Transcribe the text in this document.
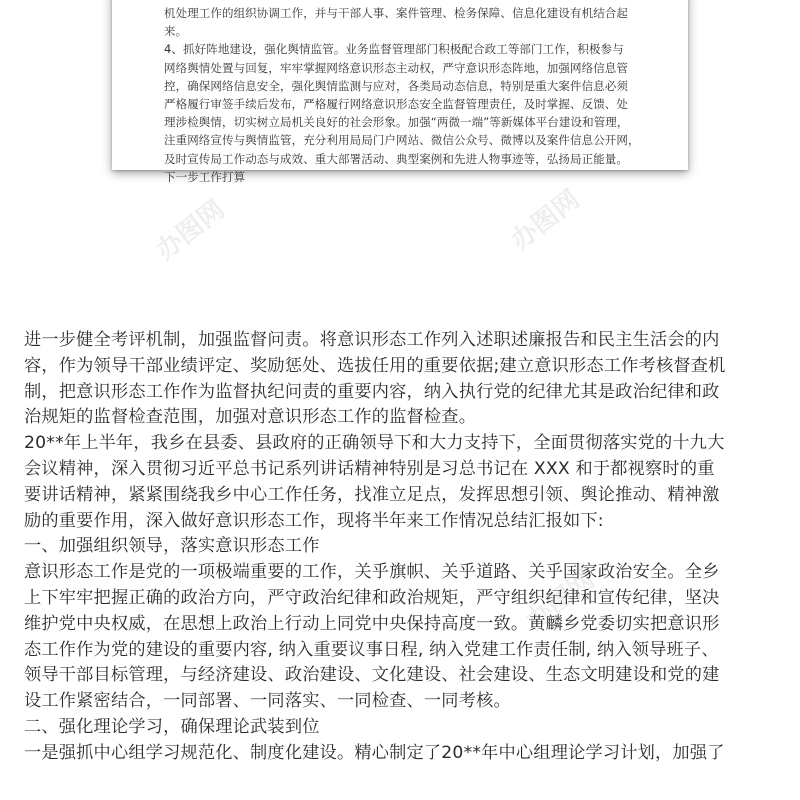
机处理工作的组织协调工作，并与干部人事、案件管理、检务保障、信息化建设有机结合起
来。
4、抓好阵地建设，强化舆情监管。业务监督管理部门积极配合政工等部门工作，积极参与
网络舆情处置与回复，牢牢掌握网络意识形态主动权，严守意识形态阵地，加强网络信息管
控，确保网络信息安全，强化舆情监测与应对，各类局动态信息，特别是重大案件信息必须
严格履行审签手续后发布，严格履行网络意识形态安全监督管理责任，及时掌握、反馈、处
理涉检舆情，切实树立局机关良好的社会形象。加强“两微一端”等新媒体平台建设和管理，
注重网络宣传与舆情监管，充分利用局局门户网站、微信公众号、微博以及案件信息公开网，
及时宣传局工作动态与成效、重大部署活动、典型案例和先进人物事迹等，弘扬局正能量。
下一步工作打算
办图网	办图网
办图网
进一步健全考评机制，加强监督问责。将意识形态工作列入述职述廉报告和民主生活会的内
容，作为领导干部业绩评定、奖励惩处、选拔任用的重要依据;建立意识形态工作考核督查机
制，把意识形态工作作为监督执纪问责的重要内容，纳入执行党的纪律尤其是政治纪律和政
治规矩的监督检查范围，加强对意识形态工作的监督检查。
20**年上半年，我乡在县委、县政府的正确领导下和大力支持下，全面贯彻落实党的十九大
会议精神，深入贯彻习近平总书记系列讲话精神特别是习总书记在 XXX 和于都视察时的重
要讲话精神，紧紧围绕我乡中心工作任务，找准立足点，发挥思想引领、舆论推动、精神激
励的重要作用，深入做好意识形态工作，现将半年来工作情况总结汇报如下:
一、加强组织领导，落实意识形态工作
意识形态工作是党的一项极端重要的工作，关乎旗帜、关乎道路、关乎国家政治安全。全乡
上下牢牢把握正确的政治方向，严守政治纪律和政治规矩，严守组织纪律和宣传纪律，坚决
维护党中央权威，在思想上政治上行动上同党中央保持高度一致。黄麟乡党委切实把意识形
态工作作为党的建设的重要内容, 纳入重要议事日程, 纳入党建工作责任制, 纳入领导班子、
领导干部目标管理，与经济建设、政治建设、文化建设、社会建设、生态文明建设和党的建
设工作紧密结合，一同部署、一同落实、一同检查、一同考核。
二、强化理论学习，确保理论武装到位
一是强抓中心组学习规范化、制度化建设。精心制定了20**年中心组理论学习计划，加强了
